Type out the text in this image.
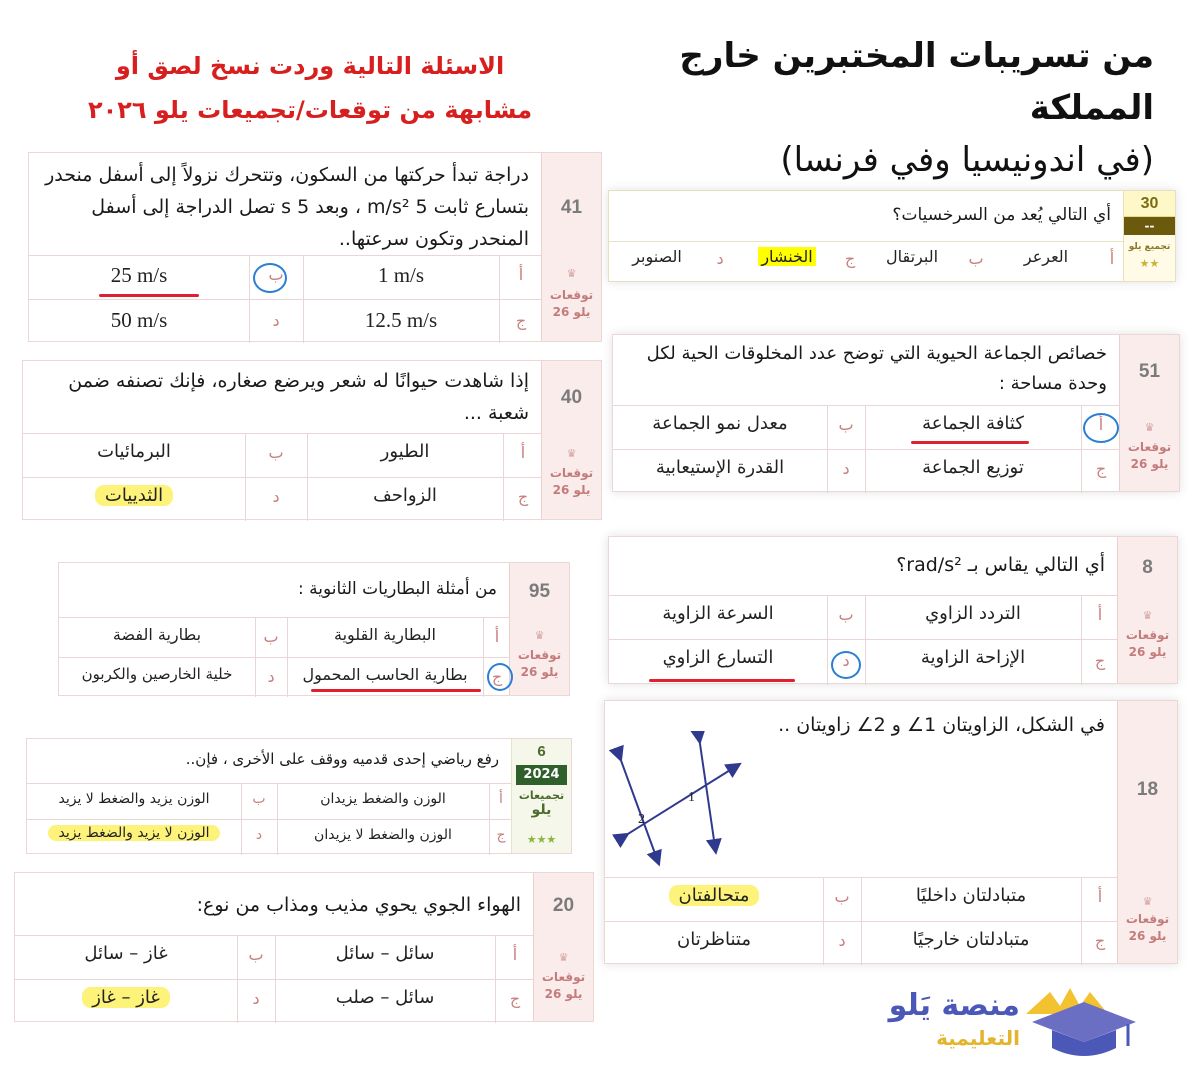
من تسريبات المختبرين خارج المملكة
(في اندونيسيا وفي فرنسا)
الاسئلة التالية وردت نسخ لصق أو
مشابهة من توقعات/تجميعات يلو ٢٠٢٦
41
♛
توقعات
يلو 26
دراجة تبدأ حركتها من السكون، وتتحرك نزولاً إلى أسفل منحدر بتسارع ثابت 5 m/s² ، وبعد 5 s تصل الدراجة إلى أسفل المنحدر وتكون سرعتها..
أ
1 m/s
ب
25 m/s
ج
12.5 m/s
د
50 m/s
40
♛
توقعات
يلو 26
إذا شاهدت حيوانًا له شعر ويرضع صغاره، فإنك تصنفه ضمن شعبة ...
أ
الطيور
ب
البرمائيات
ج
الزواحف
د
الثدييات
95
♛
توقعات
يلو 26
من أمثلة البطاريات الثانوية :
أ
البطارية القلوية
ب
بطارية الفضة
ج
بطارية الحاسب المحمول
د
خلية الخارصين والكربون
6
2024
تجميعات
يلو
★★★
رفع رياضي إحدى قدميه ووقف على الأخرى ، فإن..
أ
الوزن والضغط يزيدان
ب
الوزن يزيد والضغط لا يزيد
ج
الوزن والضغط لا يزيدان
د
الوزن لا يزيد والضغط يزيد
20
♛
توقعات
يلو 26
الهواء الجوي يحوي مذيب ومذاب من نوع:
أ
سائل – سائل
ب
غاز – سائل
ج
سائل – صلب
د
غاز – غاز
30
--
تجميع يلو
★★
أي التالي يُعد من السرخسيات؟
أ
العرعر
ب
البرتقال
ج
الخنشار
د
الصنوبر
51
♛
توقعات
يلو 26
خصائص الجماعة الحيوية التي توضح عدد المخلوقات الحية لكل وحدة مساحة :
أ
كثافة الجماعة
ب
معدل نمو الجماعة
ج
توزيع الجماعة
د
القدرة الإستيعابية
8
♛
توقعات
يلو 26
أي التالي يقاس بـ rad/s²؟
أ
التردد الزاوي
ب
السرعة الزاوية
ج
الإزاحة الزاوية
د
التسارع الزاوي
18
♛
توقعات
يلو 26
في الشكل، الزاويتان 1∠ و 2∠ زاويتان ..
1
2
أ
متبادلتان داخليًا
ب
متحالفتان
ج
متبادلتان خارجيًا
د
متناظرتان
منصة يَلو
التعليمية
